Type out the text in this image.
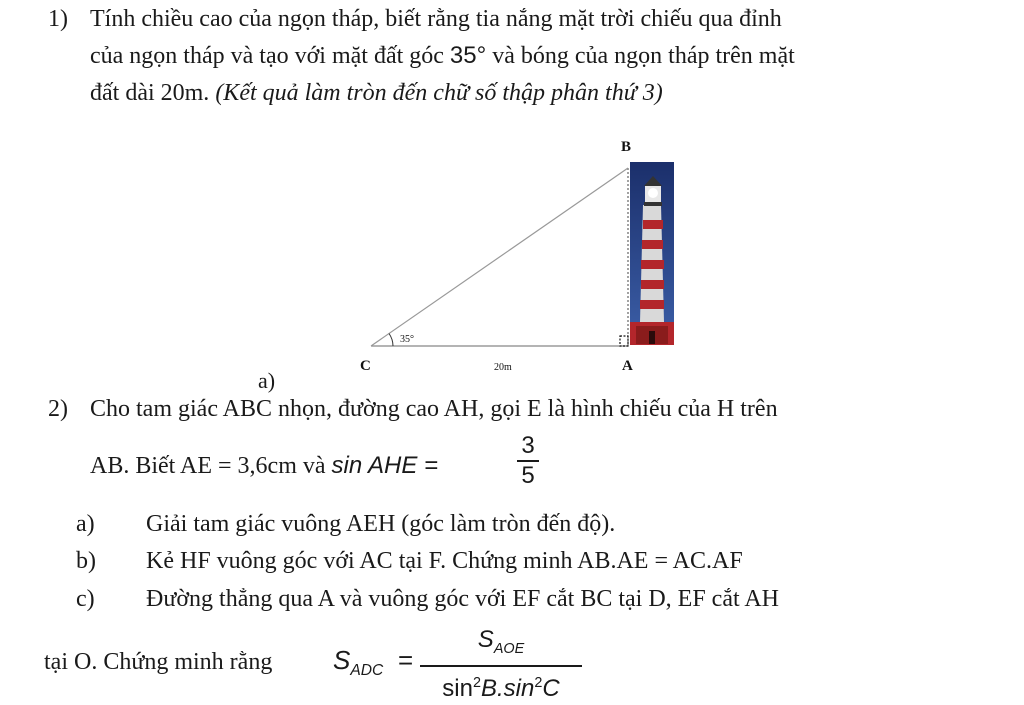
1) Tính chiều cao của ngọn tháp, biết rằng tia nắng mặt trời chiếu qua đỉnh
của ngọn tháp và tạo với mặt đất góc 35° và bóng của ngọn tháp trên mặt
đất dài 20m. (Kết quả làm tròn đến chữ số thập phân thứ 3)
35°
B
C	A
20m
a)
2) Cho tam giác ABC nhọn, đường cao AH, gọi E là hình chiếu của H trên
AB. Biết AE = 3,6cm và sin AHE =
3
5
a) Giải tam giác vuông AEH (góc làm tròn đến độ).
b) Kẻ HF vuông góc với AC tại F. Chứng minh AB.AE = AC.AF
c) Đường thẳng qua A và vuông góc với EF cắt BC tại D, EF cắt AH
tại O. Chứng minh rằng $S_{ADC}$ =
$S_{AOE}$
$\sin^2B.\sin^2C$
